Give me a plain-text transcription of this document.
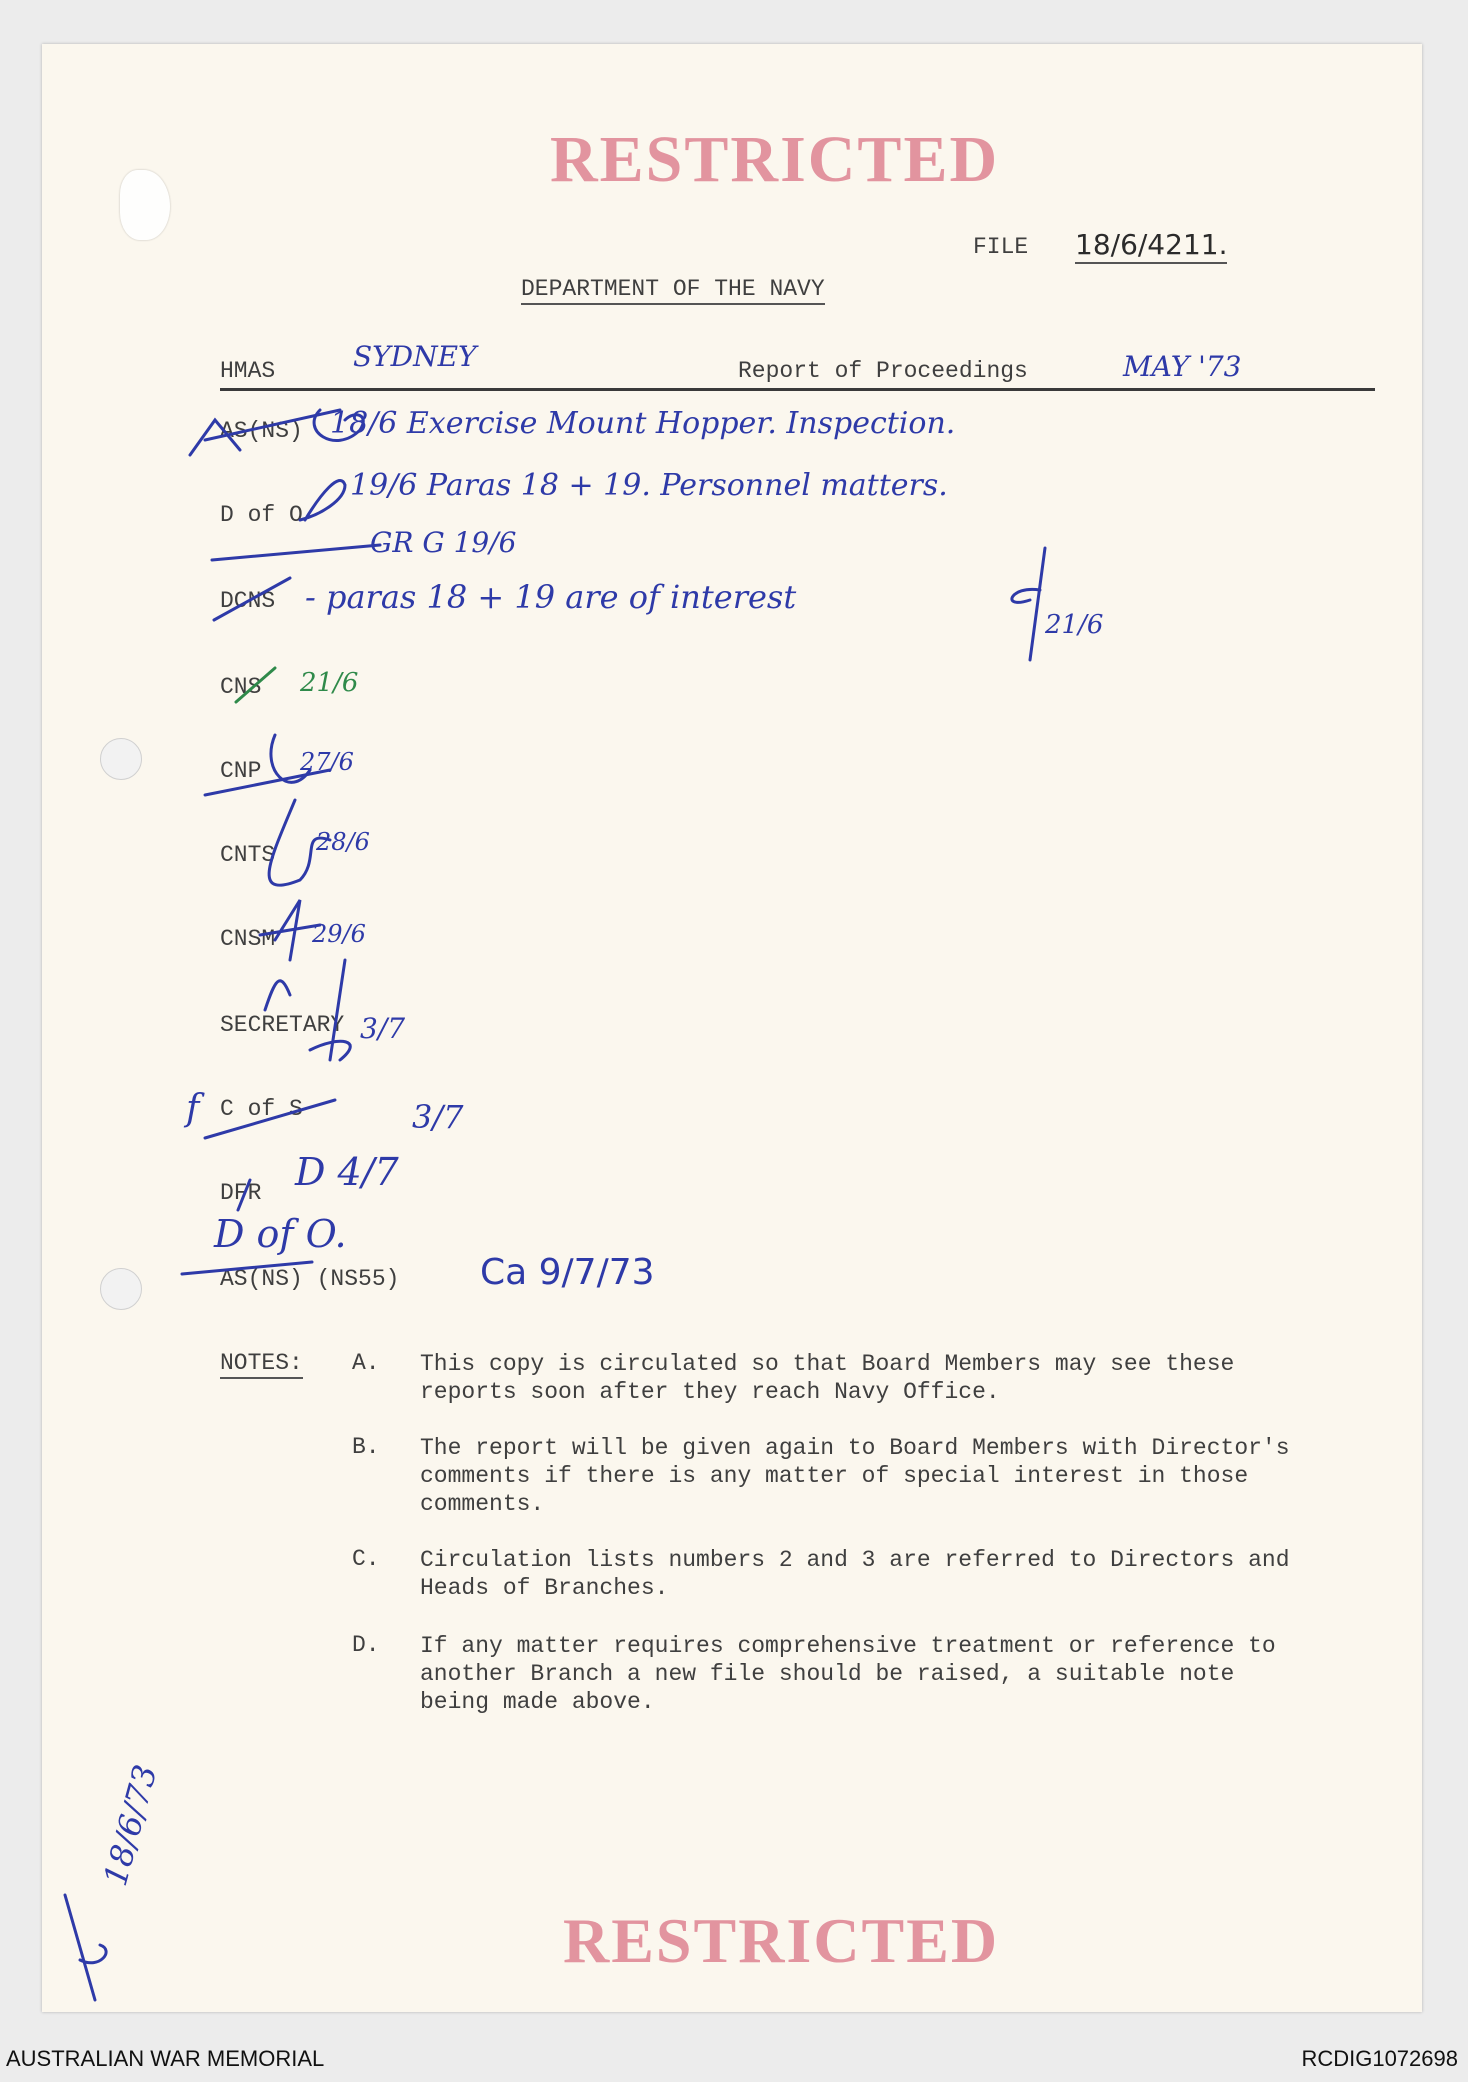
RESTRICTED
RESTRICTED
FILE 18/6/4211.
DEPARTMENT OF THE NAVY
HMAS	SYDNEY	Report of Proceedings	MAY '73
AS(NS) 18/6 Exercise Mount Hopper. Inspection.
D of O
19/6 Paras 18 + 19. Personnel matters.
GR G 19/6
DCNS - paras 18 + 19 are of interest
21/6
CNS 21/6
CNP 27/6
CNTS 28/6
CNSM 29/6
SECRETARY 3/7
f C of S	3/7
DFR D 4/7
D of O.
AS(NS) (NS55) Ca 9/7/73
NOTES: A. This copy is circulated so that Board Members may see these reports soon after they reach Navy Office.
B. The report will be given again to Board Members with Director's comments if there is any matter of special interest in those comments.
C. Circulation lists numbers 2 and 3 are referred to Directors and Heads of Branches.
D. If any matter requires comprehensive treatment or reference to another Branch a new file should be raised, a suitable note being made above.
18/6/73
AUSTRALIAN WAR MEMORIAL	RCDIG1072698
